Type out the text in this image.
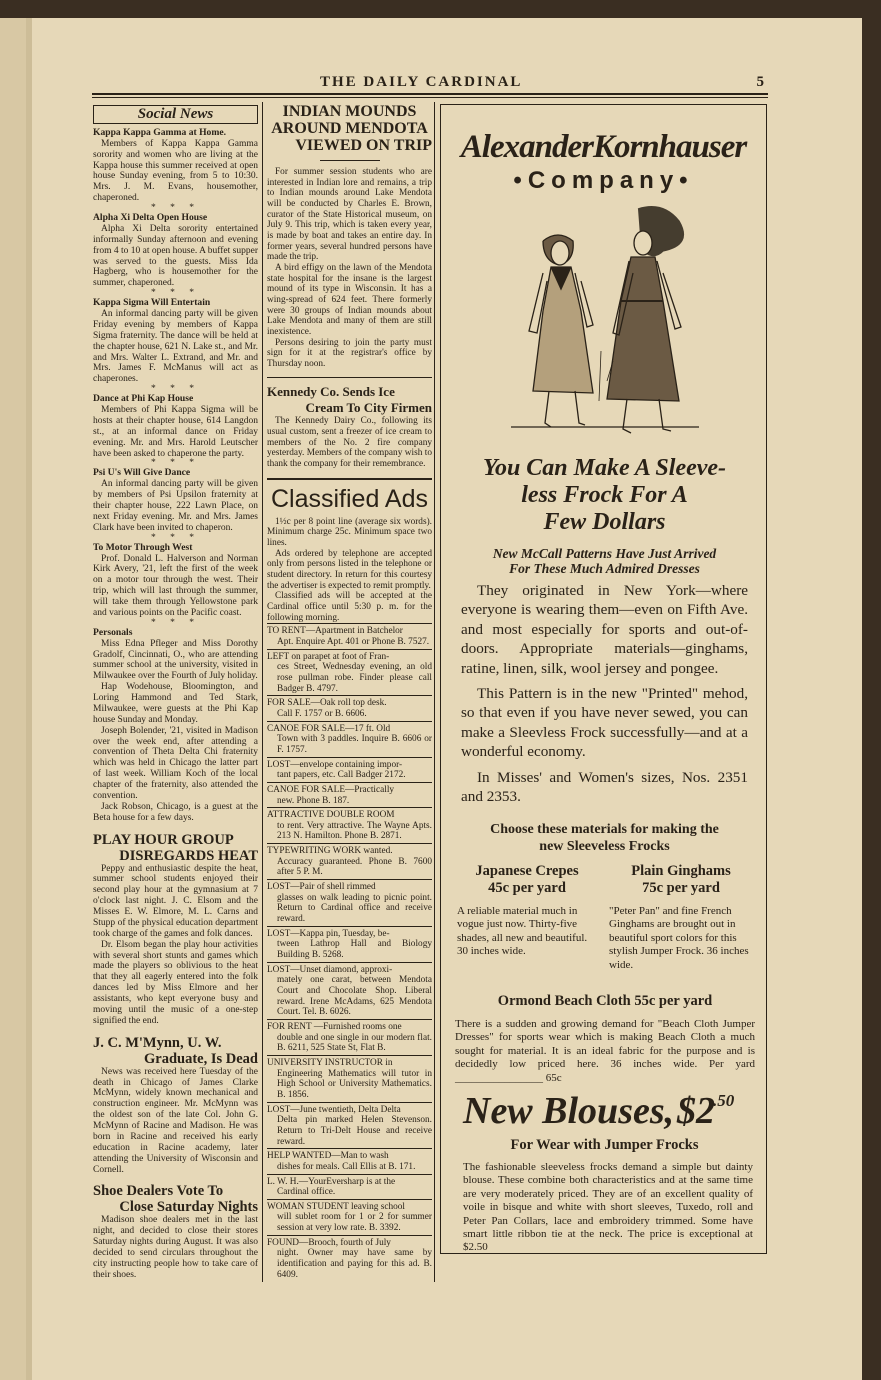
THE DAILY CARDINAL	5
Social News

Kappa Kappa Gamma at Home.

Members of Kappa Kappa Gamma sorority and women who are living at the Kappa house this summer received at open house Sunday evening, from 5 to 10:30. Mrs. J. M. Evans, housemother, chaperoned.

* * *

Alpha Xi Delta Open House

Alpha Xi Delta sorority entertained informally Sunday afternoon and evening from 4 to 10 at open house. A buffet supper was served to the guests. Miss Ida Hagberg, who is housemother for the summer, chaperoned.

* * *

Kappa Sigma Will Entertain

An informal dancing party will be given Friday evening by members of Kappa Sigma fraternity. The dance will be held at the chapter house, 621 N. Lake st., and Mr. and Mrs. Walter L. Extrand, and Mr. and Mrs. James F. McManus will act as chaperones.

* * *

Dance at Phi Kap House

Members of Phi Kappa Sigma will be hosts at their chapter house, 614 Langdon st., at an informal dance on Friday evening. Mr. and Mrs. Harold Leutscher have been asked to chaperone the party.

* * *

Psi U's Will Give Dance

An informal dancing party will be given by members of Psi Upsilon fraternity at their chapter house, 222 Lawn Place, on next Friday evening. Mr. and Mrs. James Clark have been invited to chaperon.

* * *

To Motor Through West

Prof. Donald L. Halverson and Norman Kirk Avery, '21, left the first of the week on a motor tour through the west. Their trip, which will last through the summer, will take them through Yellowstone park and various points on the Pacific coast.

* * *

Personals

Miss Edna Pfleger and Miss Dorothy Gradolf, Cincinnati, O., who are attending summer school at the university, visited in Milwaukee over the Fourth of July holiday.

Hap Wodehouse, Bloomington, and Loring Hammond and Ted Stark, Milwaukee, were guests at the Phi Kap house Sunday and Monday.

Joseph Bolender, '21, visited in Madison over the week end, after attending a convention of Theta Delta Chi fraternity which was held in Chicago the latter part of last week. William Koch of the local chapter of the fraternity, also attended the convention.

Jack Robson, Chicago, is a guest at the Beta house for a few days.

PLAY HOUR GROUP

DISREGARDS HEAT

Peppy and enthusiastic despite the heat, summer school students enjoyed their second play hour at the gymnasium at 7 o'clock last night. J. C. Elsom and the Misses E. W. Elmore, M. L. Carns and Stupp of the physical education department took charge of the games and folk dances.

Dr. Elsom began the play hour activities with several short stunts and games which made the players so oblivious to the heat that they all eagerly entered into the folk dances led by Miss Elmore and her assistants, who kept everyone busy and moving until the music of a one-step signified the end.

J. C. M'Mynn, U. W.

Graduate, Is Dead

News was received here Tuesday of the death in Chicago of James Clarke McMynn, widely known mechanical and construction engineer. Mr. McMynn was the oldest son of the late Col. John G. McMynn of Racine and Madison. He was born in Racine and received his early education in Racine academy, later attending the University of Wisconsin and Cornell.

Shoe Dealers Vote To

Close Saturday Nights

Madison shoe dealers met in the last night, and decided to close their stores Saturday nights during August. It was also decided to send circulars throughout the city instructing people how to take care of their shoes.

INDIAN MOUNDS
AROUND MENDOTA
VIEWED ON TRIP

For summer session students who are interested in Indian lore and remains, a trip to Indian mounds around Lake Mendota will be conducted by Charles E. Brown, curator of the State Historical museum, on July 9. This trip, which is taken every year, is made by boat and takes an entire day. In former years, several hundred persons have made the trip.

A bird effigy on the lawn of the Mendota state hospital for the insane is the largest mound of its type in Wisconsin. It has a wing-spread of 624 feet. There formerly were 30 groups of Indian mounds about Lake Mendota and many of them are still inexistence.

Persons desiring to join the party must sign for it at the registrar's office by Thursday noon.

Kennedy Co. Sends Ice

Cream To City Firmen

The Kennedy Dairy Co., following its usual custom, sent a freezer of ice cream to members of the No. 2 fire company yesterday. Members of the company wish to thank the company for their remembrance.

Classified Ads

1½c per 8 point line (average six words). Minimum charge 25c. Minimum space two lines.

Ads ordered by telephone are accepted only from persons listed in the telephone or student directory. In return for this courtesy the advertiser is expected to remit promptly.

Classified ads will be accepted at the Cardinal office until 5:30 p. m. for the following morning.

TO RENT—Apartment in Batchelor

Apt. Enquire Apt. 401 or Phone B. 7527.

LEFT on parapet at foot of Fran-

ces Street, Wednesday evening, an old rose pullman robe. Finder please call Badger B. 4797.

FOR SALE—Oak roll top desk.

Call F. 1757 or B. 6606.

CANOE FOR SALE—17 ft. Old

Town with 3 paddles. Inquire B. 6606 or F. 1757.

LOST—envelope containing impor-

tant papers, etc. Call Badger 2172.

CANOE FOR SALE—Practically

new. Phone B. 187.

ATTRACTIVE DOUBLE ROOM

to rent. Very attractive. The Wayne Apts. 213 N. Hamilton. Phone B. 2871.

TYPEWRITING WORK wanted.

Accuracy guaranteed. Phone B. 7600 after 5 P. M.

LOST—Pair of shell rimmed

glasses on walk leading to picnic point. Return to Cardinal office and receive reward.

LOST—Kappa pin, Tuesday, be-

tween Lathrop Hall and Biology Building B. 5268.

LOST—Unset diamond, approxi-

mately one carat, between Mendota Court and Chocolate Shop. Liberal reward. Irene McAdams, 625 Mendota Court. Tel. B. 6026.

FOR RENT —Furnished rooms one

double and one single in our modern flat. B. 6211, 525 State St, Flat B.

UNIVERSITY INSTRUCTOR in

Engineering Mathematics will tutor in High School or University Mathematics. B. 1856.

LOST—June twentieth, Delta Delta

Delta pin marked Helen Stevenson. Return to Tri-Delt House and receive reward.

HELP WANTED—Man to wash

dishes for meals. Call Ellis at B. 171.

L. W. H.—YourEversharp is at the

Cardinal office.

WOMAN STUDENT leaving school

will sublet room for 1 or 2 for summer session at very low rate. B. 3392.

FOUND—Brooch, fourth of July

night. Owner may have same by identification and paying for this ad. B. 6409.

AlexanderKornhauser
•Company•
You Can Make A Sleeve-
less Frock For A
Few Dollars
New McCall Patterns Have Just Arrived
For These Much Admired Dresses

They originated in New York—where everyone is wearing them—even on Fifth Ave. and most especially for sports and out-of-doors. Appropriate materials—ginghams, ratine, linen, silk, wool jersey and pongee.

This Pattern is in the new "Printed" mehod, so that even if you have never sewed, you can make a Sleevless Frock successfully—and at a wonderful economy.

In Misses' and Women's sizes, Nos. 2351 and 2353.

Choose these materials for making the
new Sleeveless Frocks
Japanese Crepes
45c per yard

A reliable material much in vogue just now. Thirty-five shades, all new and beautiful. 30 inches wide.

Plain Ginghams
75c per yard

"Peter Pan" and fine French Ginghams are brought out in beautiful sport colors for this stylish Jumper Frock. 36 inches wide.

Ormond Beach Cloth 55c per yard

There is a sudden and growing demand for "Beach Cloth Jumper Dresses" for sports wear which is making Beach Cloth a much sought for material. It is an ideal fabric for the purpose and is decidedly low priced here. 36 inches wide. Per yard ________________ 65c

New Blouses, $2
.50
For Wear with Jumper Frocks

The fashionable sleeveless frocks demand a simple but dainty blouse. These combine both characteristics and at the same time are very moderately priced. They are of an excellent quality of voile in bisque and white with short sleeves, Tuxedo, roll and Peter Pan Collars, lace and embroidery trimmed. Some have smart little ribbon tie at the neck. The price is exceptional at $2.50
